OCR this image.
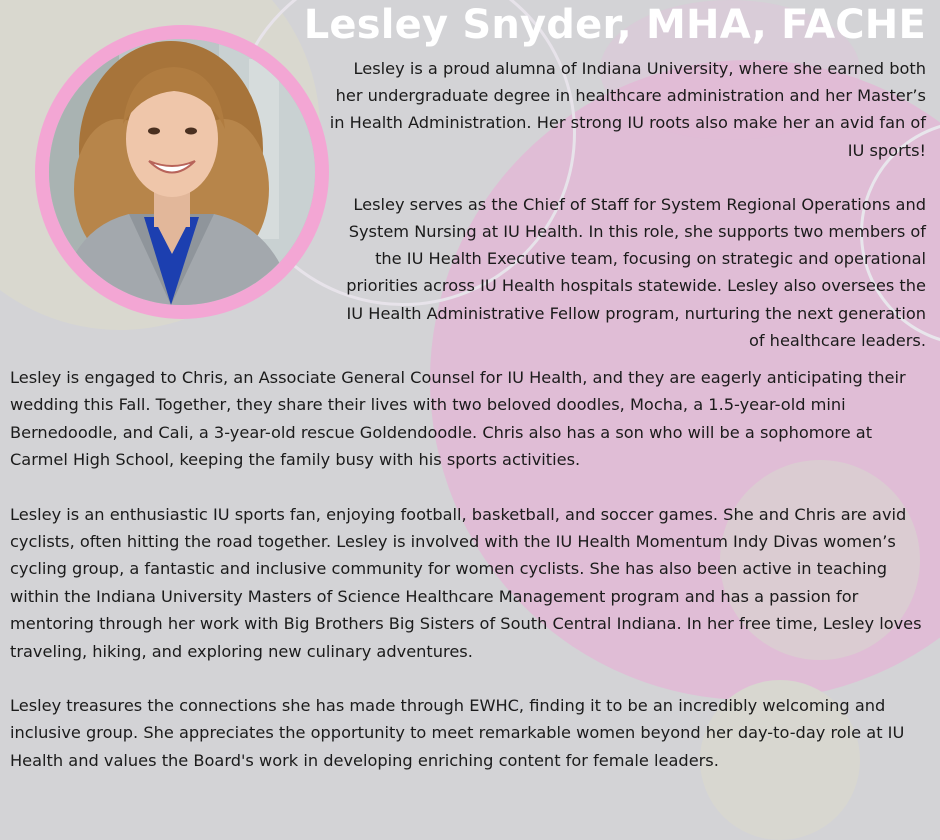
Lesley Snyder, MHA, FACHE

Lesley is a proud alumna of Indiana University, where she earned both her undergraduate degree in healthcare administration and her Master’s in Health Administration. Her strong IU roots also make her an avid fan of IU sports!

Lesley serves as the Chief of Staff for System Regional Operations and System Nursing at IU Health. In this role, she supports two members of the IU Health Executive team, focusing on strategic and operational priorities across IU Health hospitals statewide. Lesley also oversees the IU Health Administrative Fellow program, nurturing the next generation of healthcare leaders.

Lesley is engaged to Chris, an Associate General Counsel for IU Health, and they are eagerly anticipating their wedding this Fall. Together, they share their lives with two beloved doodles, Mocha, a 1.5-year-old mini Bernedoodle, and Cali, a 3-year-old rescue Goldendoodle. Chris also has a son who will be a sophomore at Carmel High School, keeping the family busy with his sports activities.

Lesley is an enthusiastic IU sports fan, enjoying football, basketball, and soccer games. She and Chris are avid cyclists, often hitting the road together. Lesley is involved with the IU Health Momentum Indy Divas women’s cycling group, a fantastic and inclusive community for women cyclists. She has also been active in teaching within the Indiana University Masters of Science Healthcare Management program and has a passion for mentoring through her work with Big Brothers Big Sisters of South Central Indiana. In her free time, Lesley loves traveling, hiking, and exploring new culinary adventures.

Lesley treasures the connections she has made through EWHC, finding it to be an incredibly welcoming and inclusive group. She appreciates the opportunity to meet remarkable women beyond her day-to-day role at IU Health and values the Board's work in developing enriching content for female leaders.
